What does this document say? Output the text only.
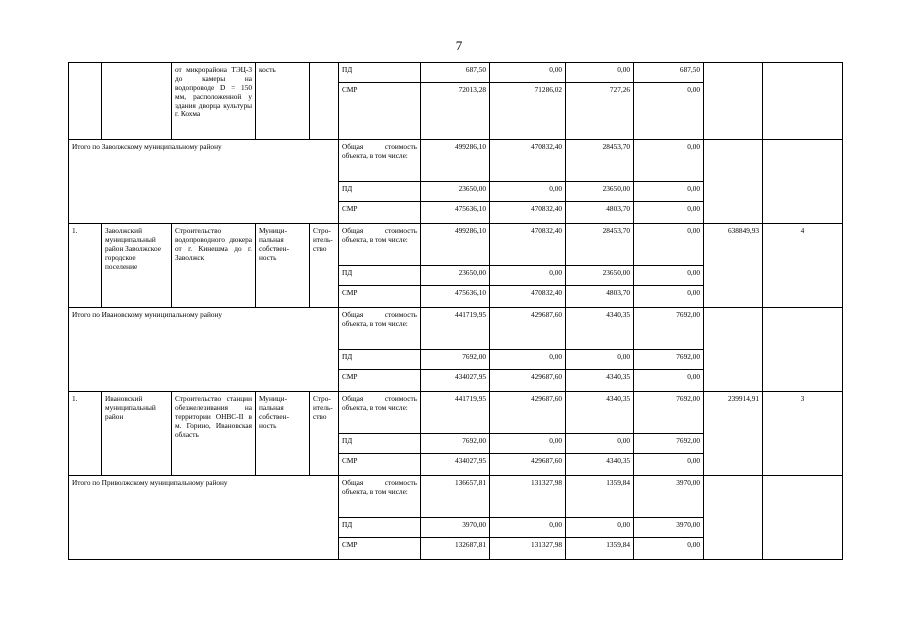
7
		от микрорайона ТЭЦ-3 до камеры на водопроводе D = 150 мм, расположенной у здания дворца культуры г. Кохма	кость		ПД	687,50	0,00	0,00	687,50		
					СМР	72013,28	71286,02	727,26	0,00		
Итого по Заволжскому муниципальному району					Общая стоимость объекта, в том числе:	499286,10	470832,40	28453,70	0,00		
					ПД	23650,00	0,00	23650,00	0,00		
					СМР	475636,10	470832,40	4803,70	0,00		
1.	Заволжский муниципальный район Заволжское городское поселение	Строительство водопроводного дюкера от г. Кинешма до г. Заволжск	Муници-пальная собствен-ность	Стро-итель-ство	Общая стоимость объекта, в том числе:	499286,10	470832,40	28453,70	0,00	638849,93	4
					ПД	23650,00	0,00	23650,00	0,00		
					СМР	475636,10	470832,40	4803,70	0,00		
Итого по Ивановскому муниципальному району					Общая стоимость объекта, в том числе:	441719,95	429687,60	4340,35	7692,00		
					ПД	7692,00	0,00	0,00	7692,00		
					СМР	434027,95	429687,60	4340,35	0,00		
1.	Ивановский муниципальный район	Строительство станции обезжелезивания на территории ОНВС-II в м. Горино, Ивановская область	Муници-пальная собствен-ность	Стро-итель-ство	Общая стоимость объекта, в том числе:	441719,95	429687,60	4340,35	7692,00	239914,91	3
					ПД	7692,00	0,00	0,00	7692,00		
					СМР	434027,95	429687,60	4340,35	0,00		
Итого по Приволжскому муниципальному району					Общая стоимость объекта, в том числе:	136657,81	131327,98	1359,84	3970,00		
					ПД	3970,00	0,00	0,00	3970,00		
					СМР	132687,81	131327,98	1359,84	0,00		
